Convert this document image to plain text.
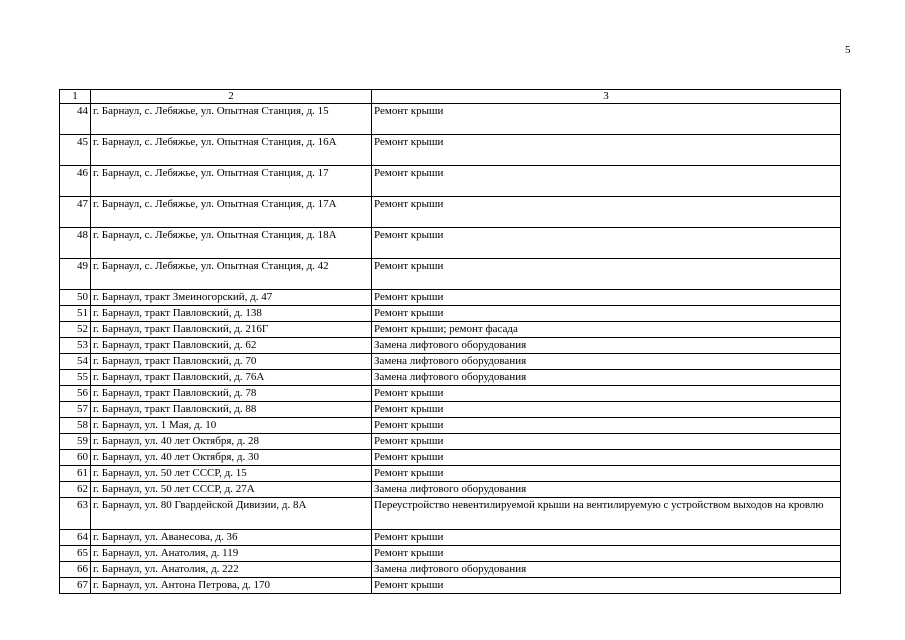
5
1	2	3
44	г. Барнаул, с. Лебяжье, ул. Опытная Станция, д. 15	Ремонт крыши
45	г. Барнаул, с. Лебяжье, ул. Опытная Станция, д. 16А	Ремонт крыши
46	г. Барнаул, с. Лебяжье, ул. Опытная Станция, д. 17	Ремонт крыши
47	г. Барнаул, с. Лебяжье, ул. Опытная Станция, д. 17А	Ремонт крыши
48	г. Барнаул, с. Лебяжье, ул. Опытная Станция, д. 18А	Ремонт крыши
49	г. Барнаул, с. Лебяжье, ул. Опытная Станция, д. 42	Ремонт крыши
50	г. Барнаул, тракт Змеиногорский, д. 47	Ремонт крыши
51	г. Барнаул, тракт Павловский, д. 138	Ремонт крыши
52	г. Барнаул, тракт Павловский, д. 216Г	Ремонт крыши; ремонт фасада
53	г. Барнаул, тракт Павловский, д. 62	Замена лифтового оборудования
54	г. Барнаул, тракт Павловский, д. 70	Замена лифтового оборудования
55	г. Барнаул, тракт Павловский, д. 76А	Замена лифтового оборудования
56	г. Барнаул, тракт Павловский, д. 78	Ремонт крыши
57	г. Барнаул, тракт Павловский, д. 88	Ремонт крыши
58	г. Барнаул, ул. 1 Мая, д. 10	Ремонт крыши
59	г. Барнаул, ул. 40 лет Октября, д. 28	Ремонт крыши
60	г. Барнаул, ул. 40 лет Октября, д. 30	Ремонт крыши
61	г. Барнаул, ул. 50 лет СССР, д. 15	Ремонт крыши
62	г. Барнаул, ул. 50 лет СССР, д. 27А	Замена лифтового оборудования
63	г. Барнаул, ул. 80 Гвардейской Дивизии, д. 8А	Переустройство невентилируемой крыши на вентилируемую с устройством выходов на кровлю
64	г. Барнаул, ул. Аванесова, д. 36	Ремонт крыши
65	г. Барнаул, ул. Анатолия, д. 119	Ремонт крыши
66	г. Барнаул, ул. Анатолия, д. 222	Замена лифтового оборудования
67	г. Барнаул, ул. Антона Петрова, д. 170	Ремонт крыши
